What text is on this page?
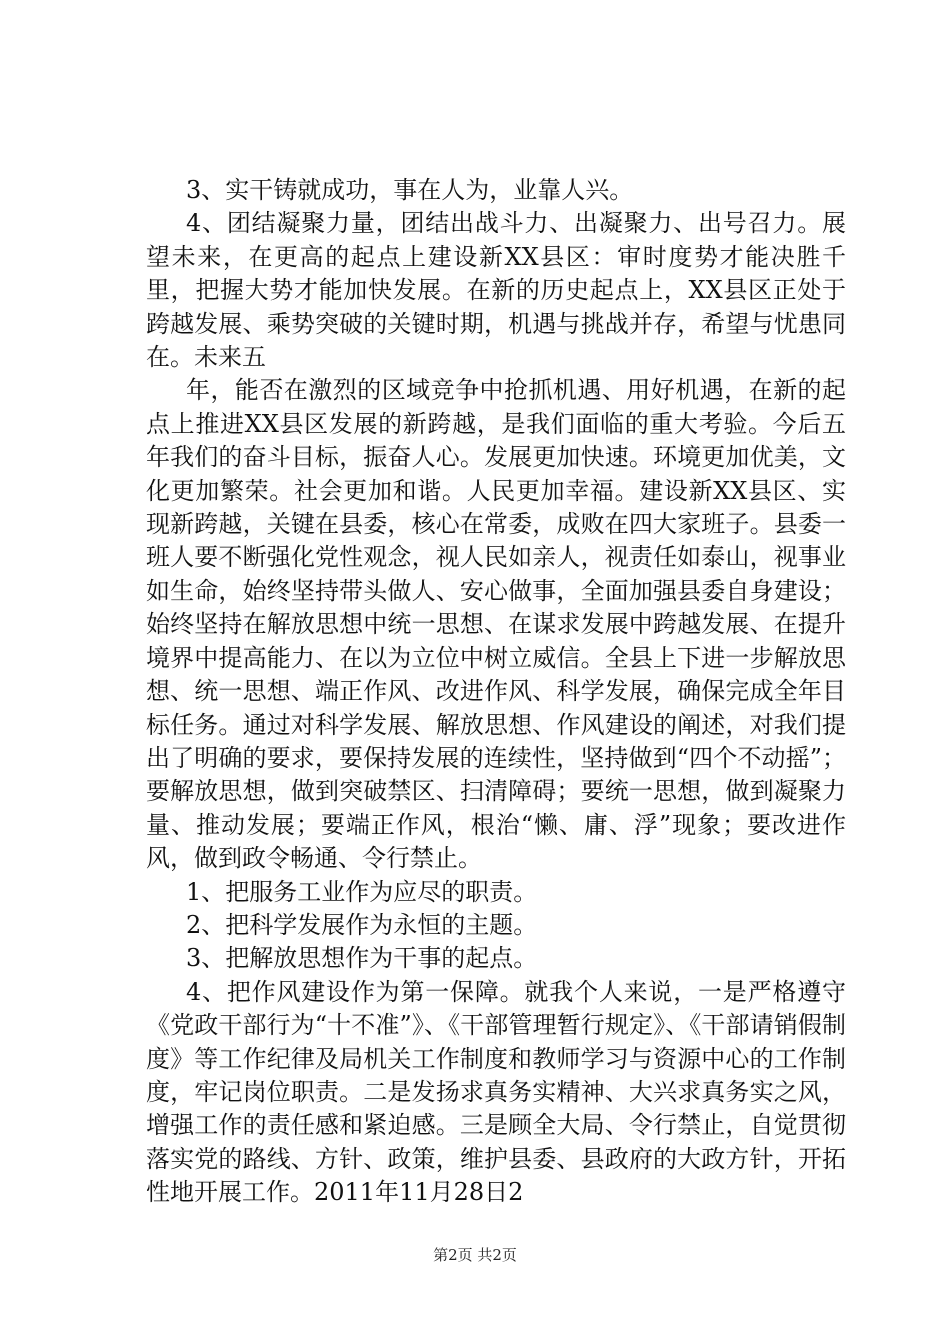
3、实干铸就成功，事在人为，业靠人兴。

4、团结凝聚力量，团结出战斗力、出凝聚力、出号召力。展望未来，在更高的起点上建设新XX县区：审时度势才能决胜千里，把握大势才能加快发展。在新的历史起点上，XX县区正处于跨越发展、乘势突破的关键时期，机遇与挑战并存，希望与忧患同在。未来五

年，能否在激烈的区域竞争中抢抓机遇、用好机遇，在新的起点上推进XX县区发展的新跨越，是我们面临的重大考验。今后五年我们的奋斗目标，振奋人心。发展更加快速。环境更加优美，文化更加繁荣。社会更加和谐。人民更加幸福。建设新XX县区、实现新跨越，关键在县委，核心在常委，成败在四大家班子。县委一班人要不断强化党性观念，视人民如亲人，视责任如泰山，视事业如生命，始终坚持带头做人、安心做事，全面加强县委自身建设；始终坚持在解放思想中统一思想、在谋求发展中跨越发展、在提升境界中提高能力、在以为立位中树立威信。全县上下进一步解放思想、统一思想、端正作风、改进作风、科学发展，确保完成全年目标任务。通过对科学发展、解放思想、作风建设的阐述，对我们提出了明确的要求，要保持发展的连续性，坚持做到“四个不动摇”；要解放思想，做到突破禁区、扫清障碍；要统一思想，做到凝聚力量、推动发展；要端正作风，根治“懒、庸、浮”现象；要改进作风，做到政令畅通、令行禁止。

1、把服务工业作为应尽的职责。

2、把科学发展作为永恒的主题。

3、把解放思想作为干事的起点。

4、把作风建设作为第一保障。就我个人来说，一是严格遵守《党政干部行为“十不准”》、《干部管理暂行规定》、《干部请销假制度》等工作纪律及局机关工作制度和教师学习与资源中心的工作制度，牢记岗位职责。二是发扬求真务实精神、大兴求真务实之风，增强工作的责任感和紧迫感。三是顾全大局、令行禁止，自觉贯彻落实党的路线、方针、政策，维护县委、县政府的大政方针，开拓性地开展工作。2011年11月28日2

第2页 共2页
